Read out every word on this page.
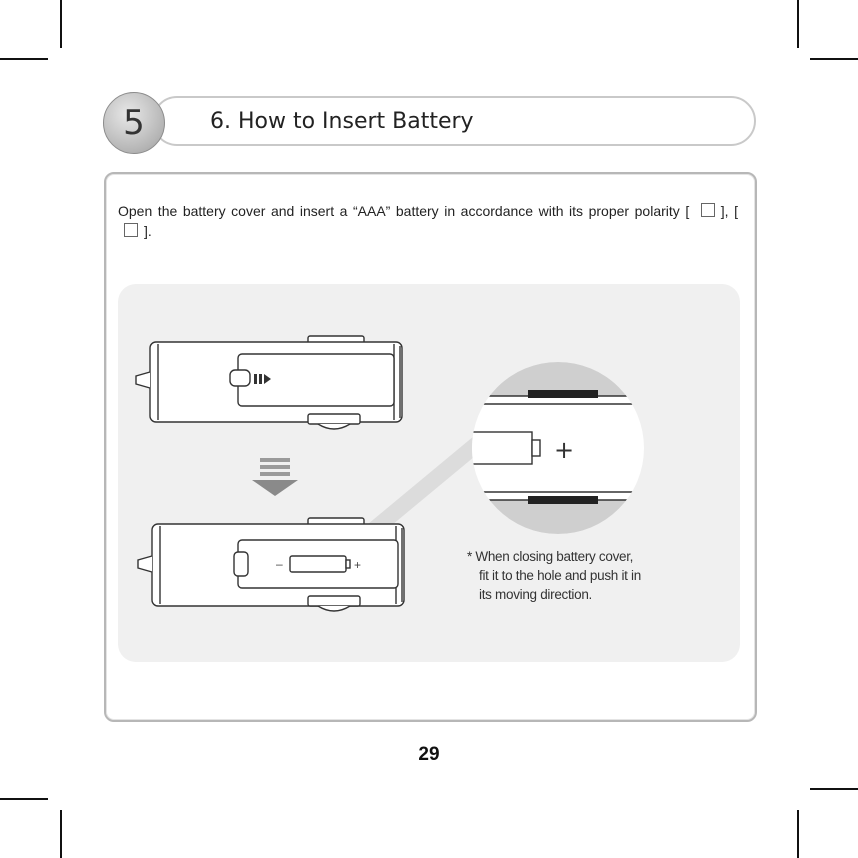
5	6. How to Insert Battery
Open the battery cover and insert a “AAA” battery in accordance with its proper polarity [ ], [ ].
–	+
+
* When closing battery cover,
fit it to the hole and push it in
its moving direction.
29
